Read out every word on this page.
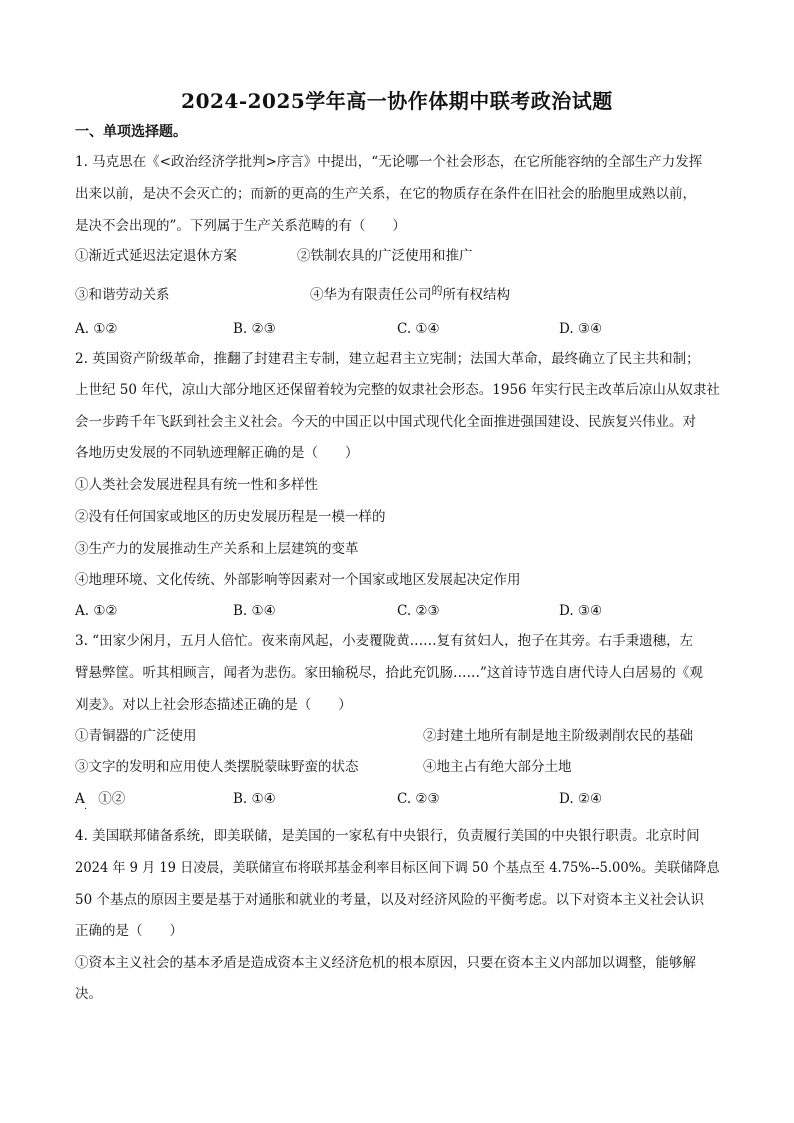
2024-2025学年高一协作体期中联考政治试题
一、单项选择题。
1. 马克思在《<政治经济学批判>序言》中提出，“无论哪一个社会形态，在它所能容纳的全部生产力发挥
出来以前，是决不会灭亡的；而新的更高的生产关系，在它的物质存在条件在旧社会的胎胞里成熟以前，
是决不会出现的”。下列属于生产关系范畴的有（　　）
①渐近式延迟法定退休方案	②铁制农具的广泛使用和推广
③和谐劳动关系	④华为有限责任公司$^的$所有权结构
A. ①②	B. ②③	C. ①④	D. ③④
2. 英国资产阶级革命，推翻了封建君主专制，建立起君主立宪制；法国大革命，最终确立了民主共和制；
上世纪 50 年代，凉山大部分地区还保留着较为完整的奴隶社会形态。1956 年实行民主改革后凉山从奴隶社
会一步跨千年飞跃到社会主义社会。今天的中国正以中国式现代化全面推进强国建设、民族复兴伟业。对
各地历史发展的不同轨迹理解正确的是（　　）
①人类社会发展进程具有统一性和多样性
②没有任何国家或地区的历史发展历程是一模一样的
③生产力的发展推动生产关系和上层建筑的变革
④地理环境、文化传统、外部影响等因素对一个国家或地区发展起决定作用
A. ①②	B. ①④	C. ②③	D. ③④
3. “田家少闲月，五月人倍忙。夜来南风起，小麦覆陇黄……复有贫妇人，抱子在其旁。右手秉遗穗，左
臂悬弊筐。听其相顾言，闻者为悲伤。家田输税尽，拾此充饥肠……”这首诗节选自唐代诗人白居易的《观
刈麦》。对以上社会形态描述正确的是（　　）
①青铜器的广泛使用	②封建土地所有制是地主阶级剥削农民的基础
③文字的发明和应用使人类摆脱蒙昧野蛮的状态	④地主占有绝大部分土地
A　①②
·
B. ①④	C. ②③	D. ②④
4. 美国联邦储备系统，即美联储，是美国的一家私有中央银行，负责履行美国的中央银行职责。北京时间
2024 年 9 月 19 日凌晨，美联储宣布将联邦基金利率目标区间下调 50 个基点至 4.75%--5.00%。美联储降息
50 个基点的原因主要是基于对通胀和就业的考量，以及对经济风险的平衡考虑。以下对资本主义社会认识
正确的是（　　）
①资本主义社会的基本矛盾是造成资本主义经济危机的根本原因，只要在资本主义内部加以调整，能够解
决。
